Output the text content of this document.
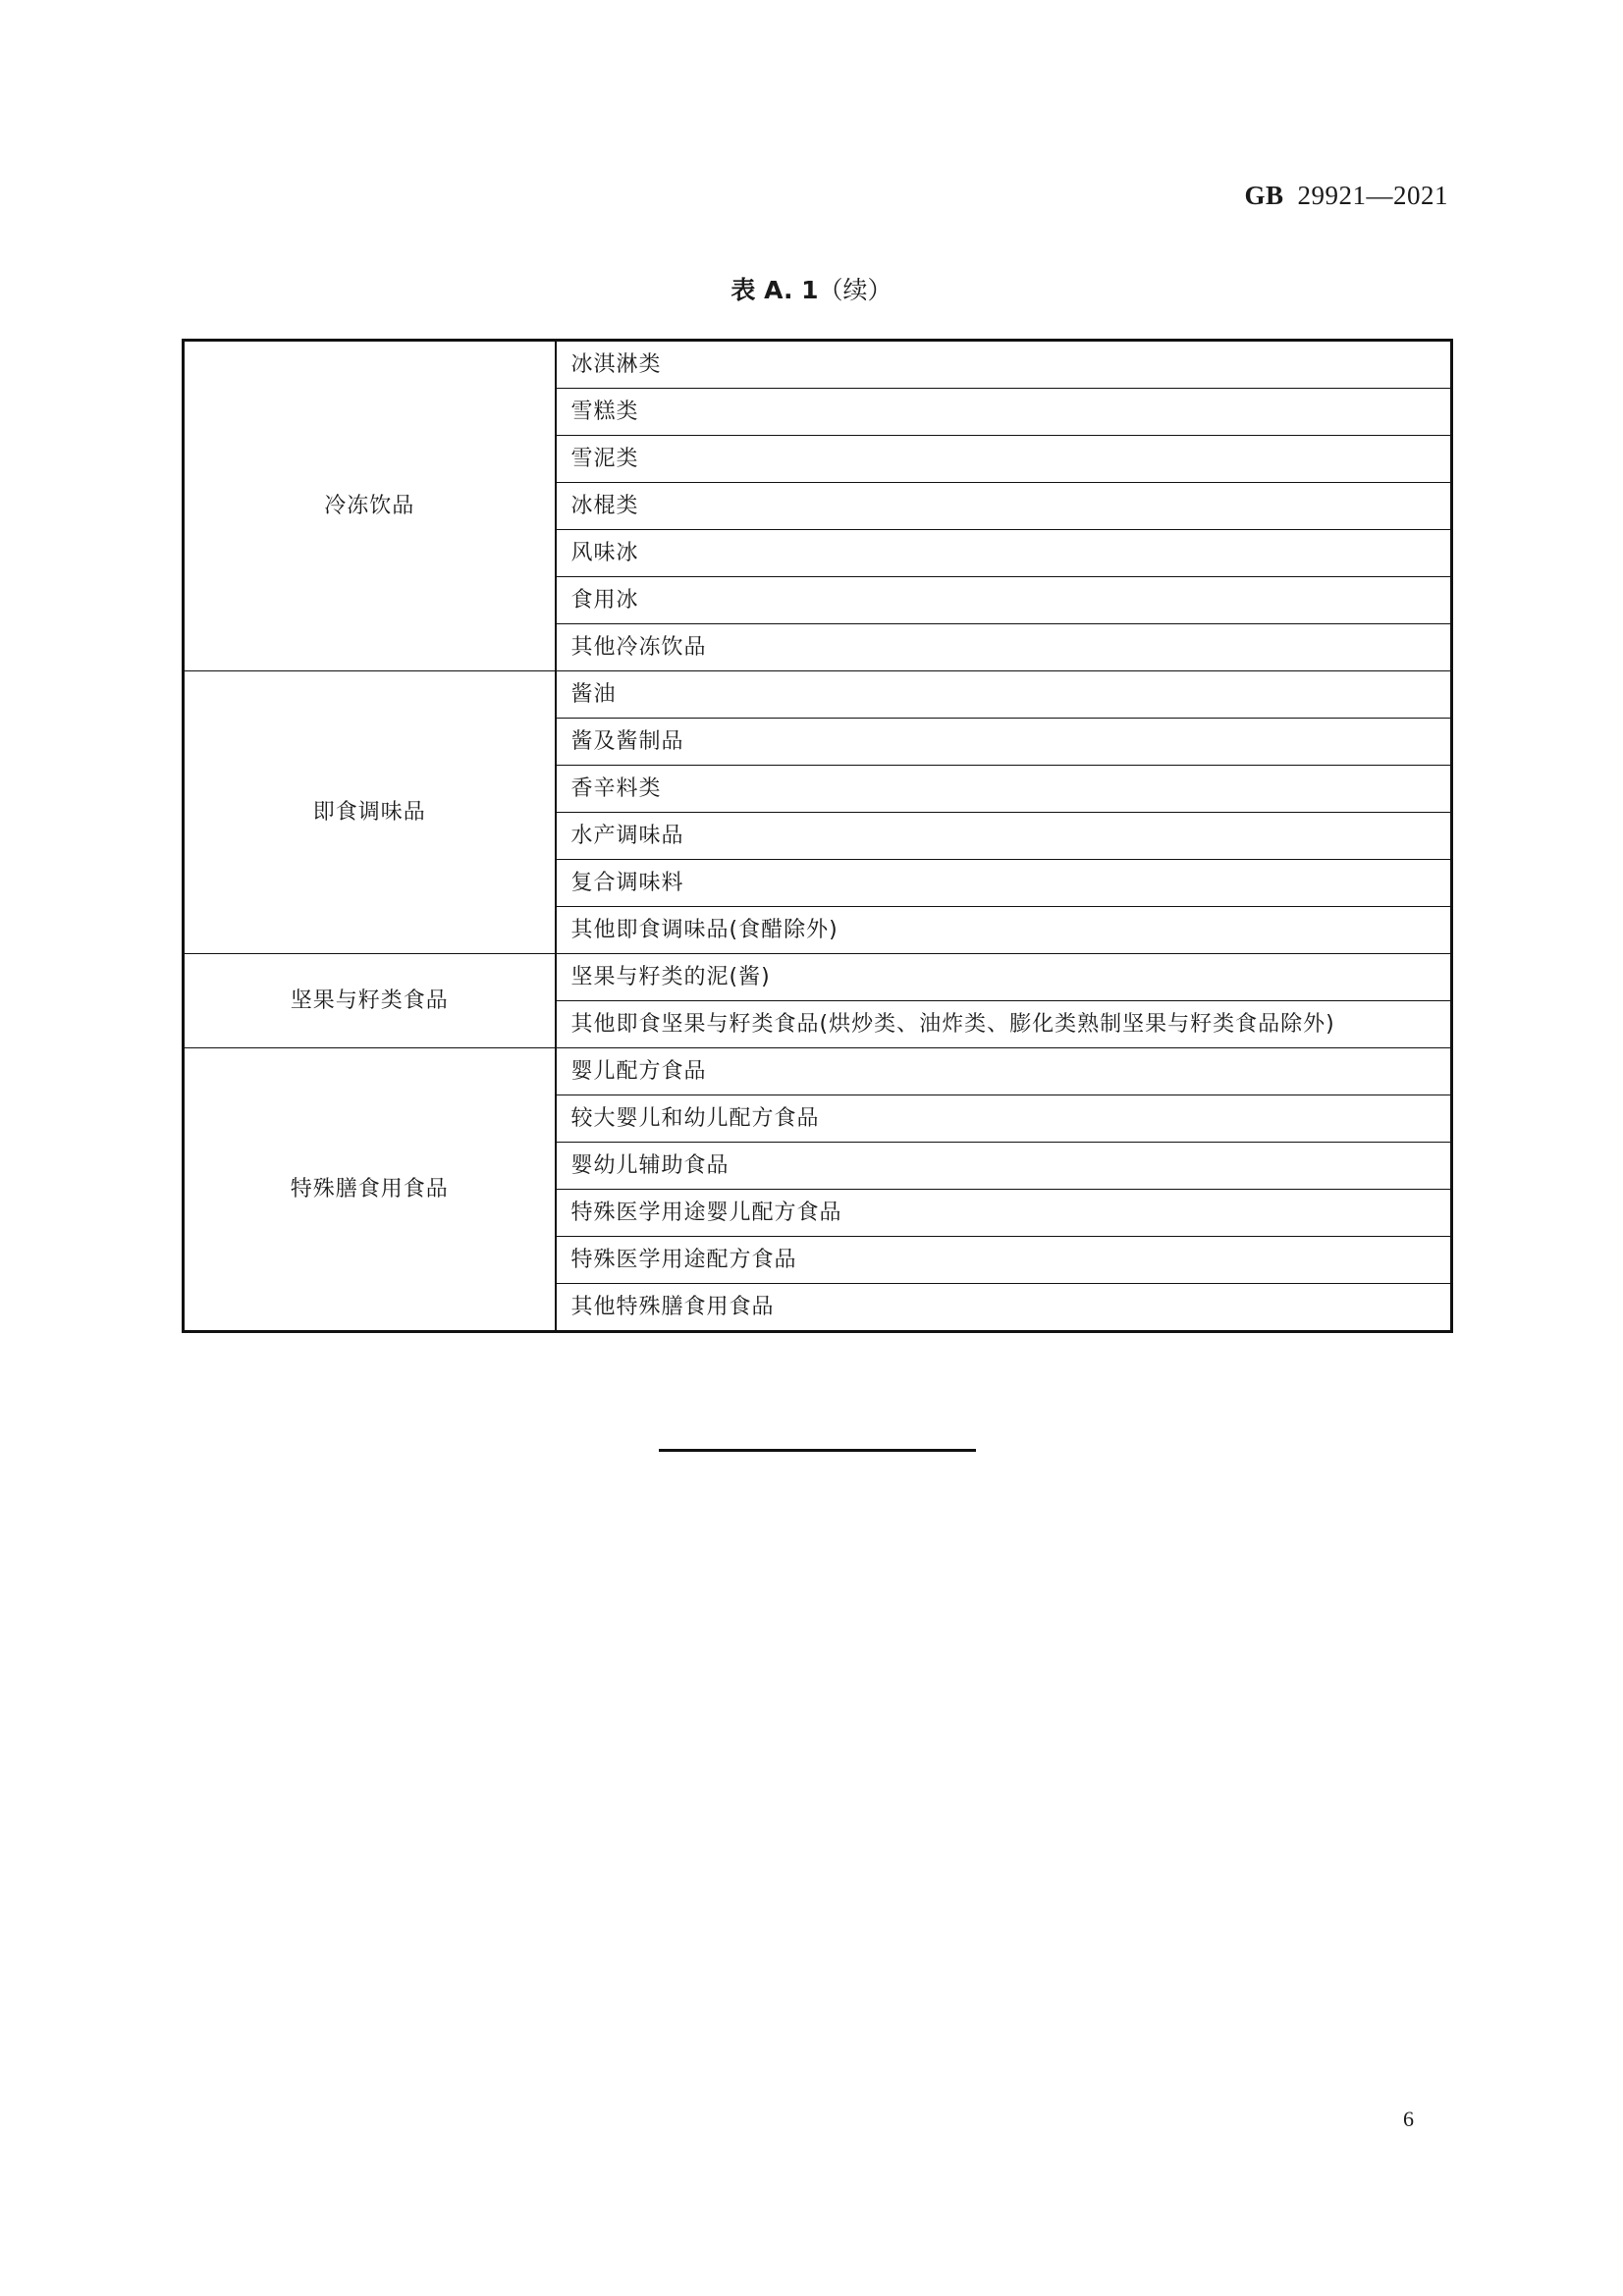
GB 29921—2021
表 A. 1（续）
冷冻饮品	冰淇淋类
	雪糕类
	雪泥类
	冰棍类
	风味冰
	食用冰
	其他冷冻饮品
即食调味品	酱油
	酱及酱制品
	香辛料类
	水产调味品
	复合调味料
	其他即食调味品(食醋除外)
坚果与籽类食品	坚果与籽类的泥(酱)
	其他即食坚果与籽类食品(烘炒类、油炸类、膨化类熟制坚果与籽类食品除外)
特殊膳食用食品	婴儿配方食品
	较大婴儿和幼儿配方食品
	婴幼儿辅助食品
	特殊医学用途婴儿配方食品
	特殊医学用途配方食品
	其他特殊膳食用食品
6
